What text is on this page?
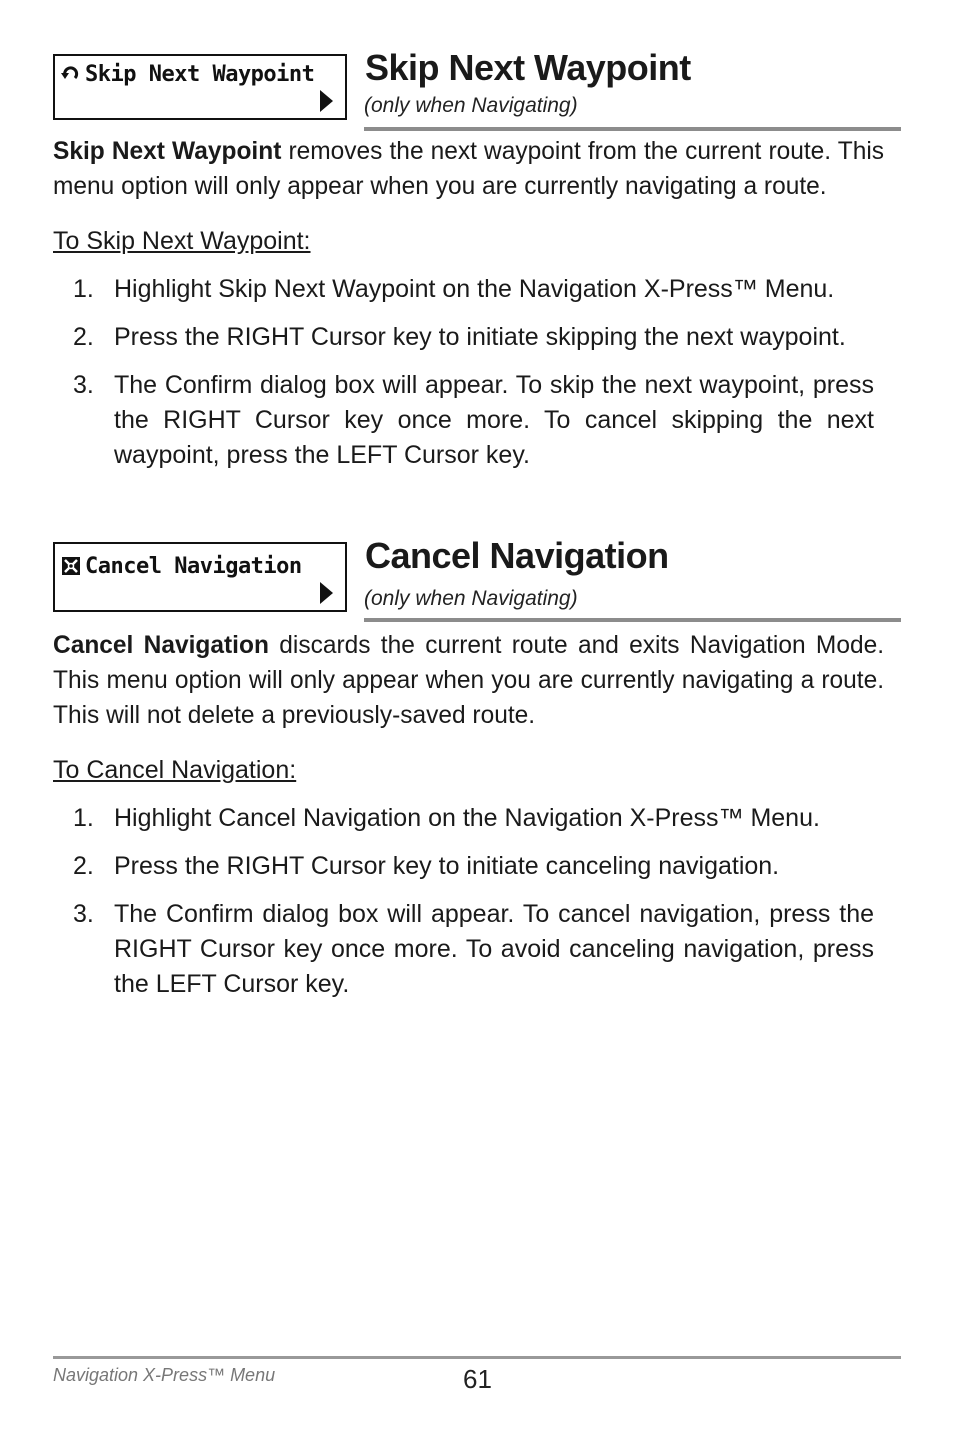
Skip Next Waypoint Skip Next Waypoint
(only when Navigating)
Skip Next Waypoint removes the next waypoint from the current route. This menu option will only appear when you are currently navigating a route.
To Skip Next Waypoint:
1. Highlight Skip Next Waypoint on the Navigation X-Press™ Menu.
2. Press the RIGHT Cursor key to initiate skipping the next waypoint.
3. The Confirm dialog box will appear. To skip the next waypoint, press the RIGHT Cursor key once more. To cancel skipping the next waypoint, press the LEFT Cursor key.
Cancel Navigation Cancel Navigation
(only when Navigating)
Cancel Navigation discards the current route and exits Navigation Mode. This menu option will only appear when you are currently navigating a route. This will not delete a previously-saved route.
To Cancel Navigation:
1. Highlight Cancel Navigation on the Navigation X-Press™ Menu.
2. Press the RIGHT Cursor key to initiate canceling navigation.
3. The Confirm dialog box will appear. To cancel navigation, press the RIGHT Cursor key once more. To avoid canceling navigation, press the LEFT Cursor key.
Navigation X-Press™ Menu	61
